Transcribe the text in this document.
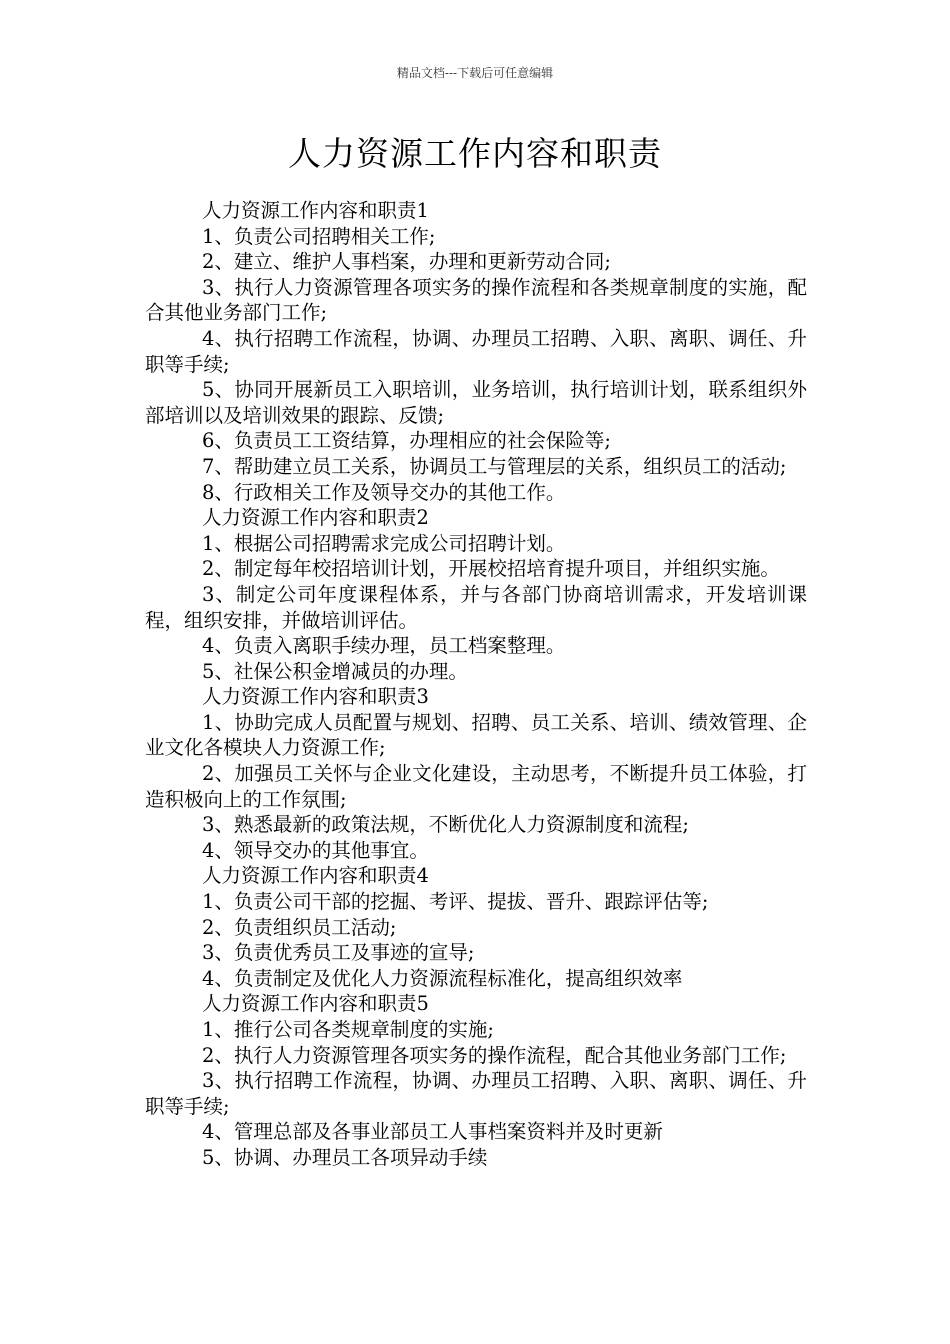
精品文档---下载后可任意编辑
人力资源工作内容和职责

人力资源工作内容和职责1

1、负责公司招聘相关工作;

2、建立、维护人事档案，办理和更新劳动合同;

3、执行人力资源管理各项实务的操作流程和各类规章制度的实施，配合其他业务部门工作;

4、执行招聘工作流程，协调、办理员工招聘、入职、离职、调任、升职等手续;

5、协同开展新员工入职培训，业务培训，执行培训计划，联系组织外部培训以及培训效果的跟踪、反馈;

6、负责员工工资结算，办理相应的社会保险等;

7、帮助建立员工关系，协调员工与管理层的关系，组织员工的活动;

8、行政相关工作及领导交办的其他工作。

人力资源工作内容和职责2

1、根据公司招聘需求完成公司招聘计划。

2、制定每年校招培训计划，开展校招培育提升项目，并组织实施。

3、制定公司年度课程体系，并与各部门协商培训需求，开发培训课程，组织安排，并做培训评估。

4、负责入离职手续办理，员工档案整理。

5、社保公积金增减员的办理。

人力资源工作内容和职责3

1、协助完成人员配置与规划、招聘、员工关系、培训、绩效管理、企业文化各模块人力资源工作;

2、加强员工关怀与企业文化建设，主动思考，不断提升员工体验，打造积极向上的工作氛围;

3、熟悉最新的政策法规，不断优化人力资源制度和流程;

4、领导交办的其他事宜。

人力资源工作内容和职责4

1、负责公司干部的挖掘、考评、提拔、晋升、跟踪评估等;

2、负责组织员工活动;

3、负责优秀员工及事迹的宣导;

4、负责制定及优化人力资源流程标准化，提高组织效率

人力资源工作内容和职责5

1、推行公司各类规章制度的实施;

2、执行人力资源管理各项实务的操作流程，配合其他业务部门工作;

3、执行招聘工作流程，协调、办理员工招聘、入职、离职、调任、升职等手续;

4、管理总部及各事业部员工人事档案资料并及时更新

5、协调、办理员工各项异动手续
